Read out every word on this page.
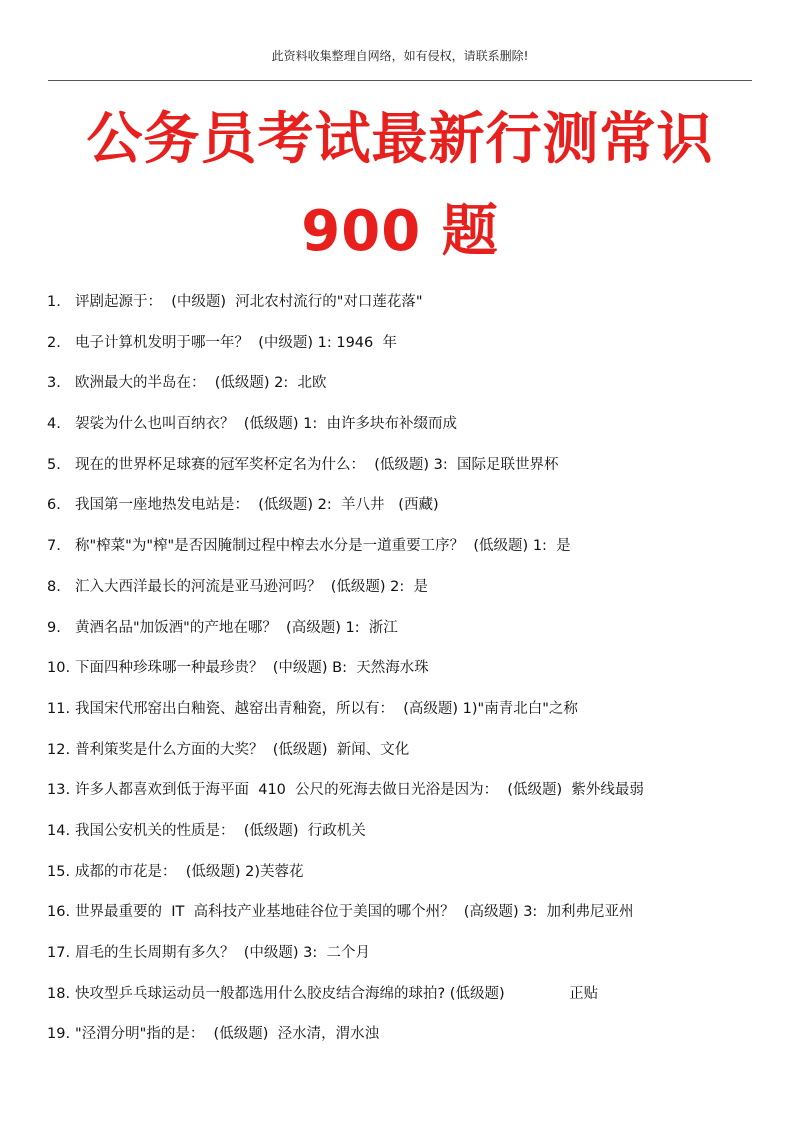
此资料收集整理自网络，如有侵权，请联系删除!
公务员考试最新行测常识
900 题
1. 评剧起源于：  (中级题)  河北农村流行的"对口莲花落"
2. 电子计算机发明于哪一年？  (中级题) 1: 1946  年
3. 欧洲最大的半岛在：  (低级题) 2:  北欧
4. 袈裟为什么也叫百纳衣？  (低级题) 1:  由许多块布补缀而成
5. 现在的世界杯足球赛的冠军奖杯定名为什么：  (低级题) 3:  国际足联世界杯
6. 我国第一座地热发电站是：  (低级题) 2:  羊八井   (西藏)
7. 称"榨菜"为"榨"是否因腌制过程中榨去水分是一道重要工序？  (低级题) 1:  是
8. 汇入大西洋最长的河流是亚马逊河吗？  (低级题) 2:  是
9. 黄酒名品"加饭酒"的产地在哪？  (高级题) 1:  浙江
10. 下面四种珍珠哪一种最珍贵？  (中级题) B:  天然海水珠
11. 我国宋代邢窑出白釉瓷、越窑出青釉瓷，所以有：  (高级题) 1)"南青北白"之称
12. 普利策奖是什么方面的大奖？  (低级题)  新闻、文化
13. 许多人都喜欢到低于海平面  410  公尺的死海去做日光浴是因为：  (低级题)  紫外线最弱
14. 我国公安机关的性质是：  (低级题)  行政机关
15. 成都的市花是：  (低级题) 2)芙蓉花
16. 世界最重要的  IT  高科技产业基地硅谷位于美国的哪个州？  (高级题) 3:  加利弗尼亚州
17. 眉毛的生长周期有多久？  (中级题) 3:  二个月
18. 快攻型乒乓球运动员一般都选用什么胶皮结合海绵的球拍? (低级题)              正贴
19. "泾渭分明"指的是：  (低级题)  泾水清，渭水浊
